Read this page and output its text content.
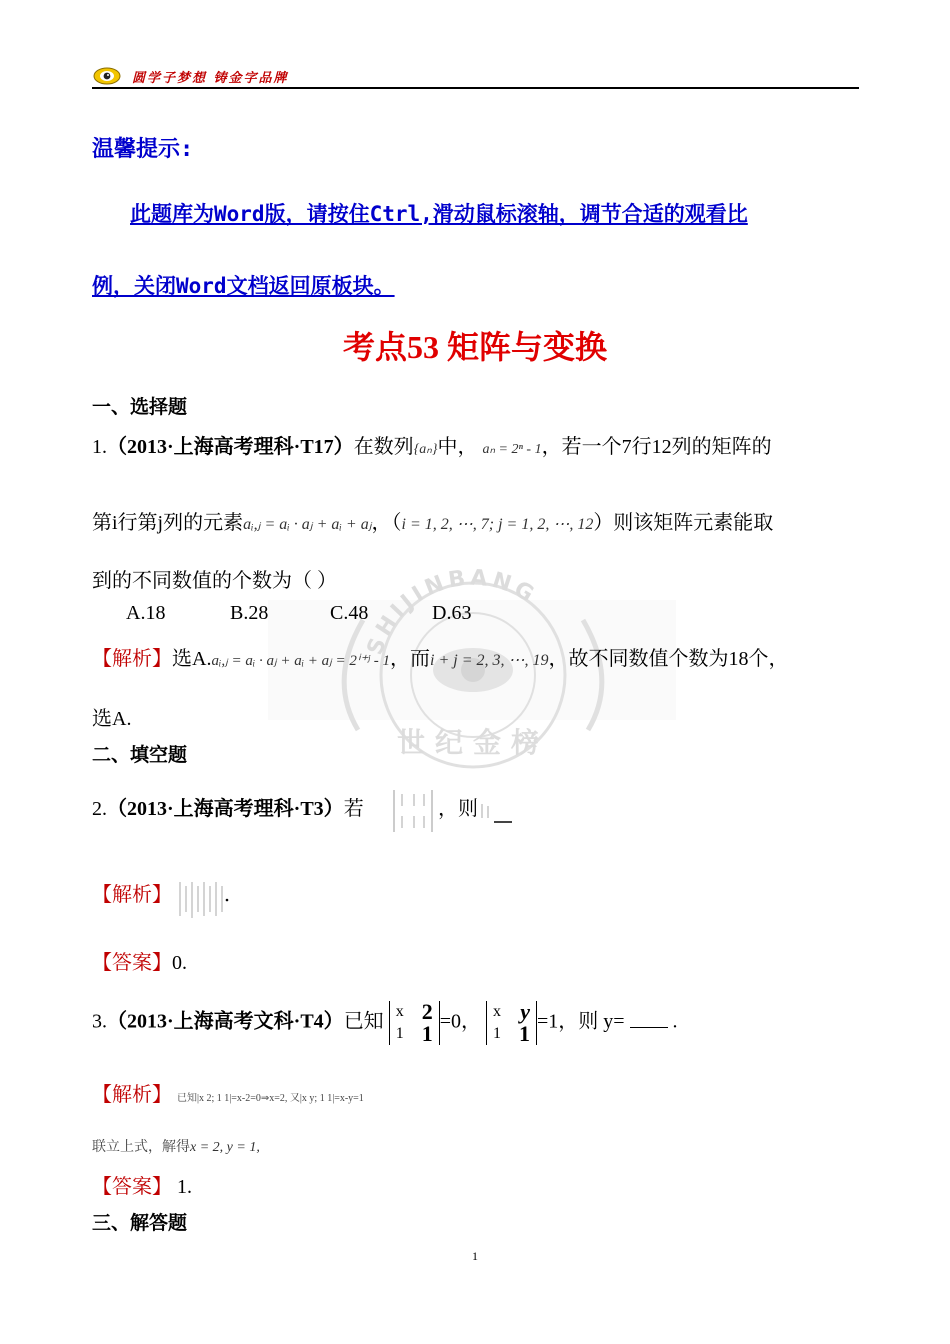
圆学子梦想 铸金字品牌
温馨提示:
此题库为Word版，请按住Ctrl,滑动鼠标滚轴，调节合适的观看比
例，关闭Word文档返回原板块。
考点53 矩阵与变换
SHIJINBANG
世纪金榜
一、选择题
1.（2013·上海高考理科·T17）在数列{aₙ}中， aₙ = 2ⁿ - 1，若一个7行12列的矩阵的
第i行第j列的元素aᵢ,ⱼ = aᵢ · aⱼ + aᵢ + aⱼ，（i = 1, 2, ⋯, 7; j = 1, 2, ⋯, 12）则该矩阵元素能取
到的不同数值的个数为（ ）
A.18	B.28	C.48	D.63
【解析】选A.aᵢ,ⱼ = aᵢ · aⱼ + aᵢ + aⱼ = 2ⁱ⁺ʲ - 1，而i + j = 2, 3, ⋯, 19，故不同数值个数为18个，
选A.
二、填空题
2.（2013·上海高考理科·T3）若	，则
【解析】
【答案】0.
3.（2013·上海高考文科·T4）已知 x 2
1 1 =0， x y
1 1 =1，则 y= .
【解析】 已知|x 2; 1 1|=x-2=0⇒x=2, 又|x y; 1 1|=x-y=1
联立上式，解得x = 2, y = 1,
【答案】 1.
三、解答题
1
